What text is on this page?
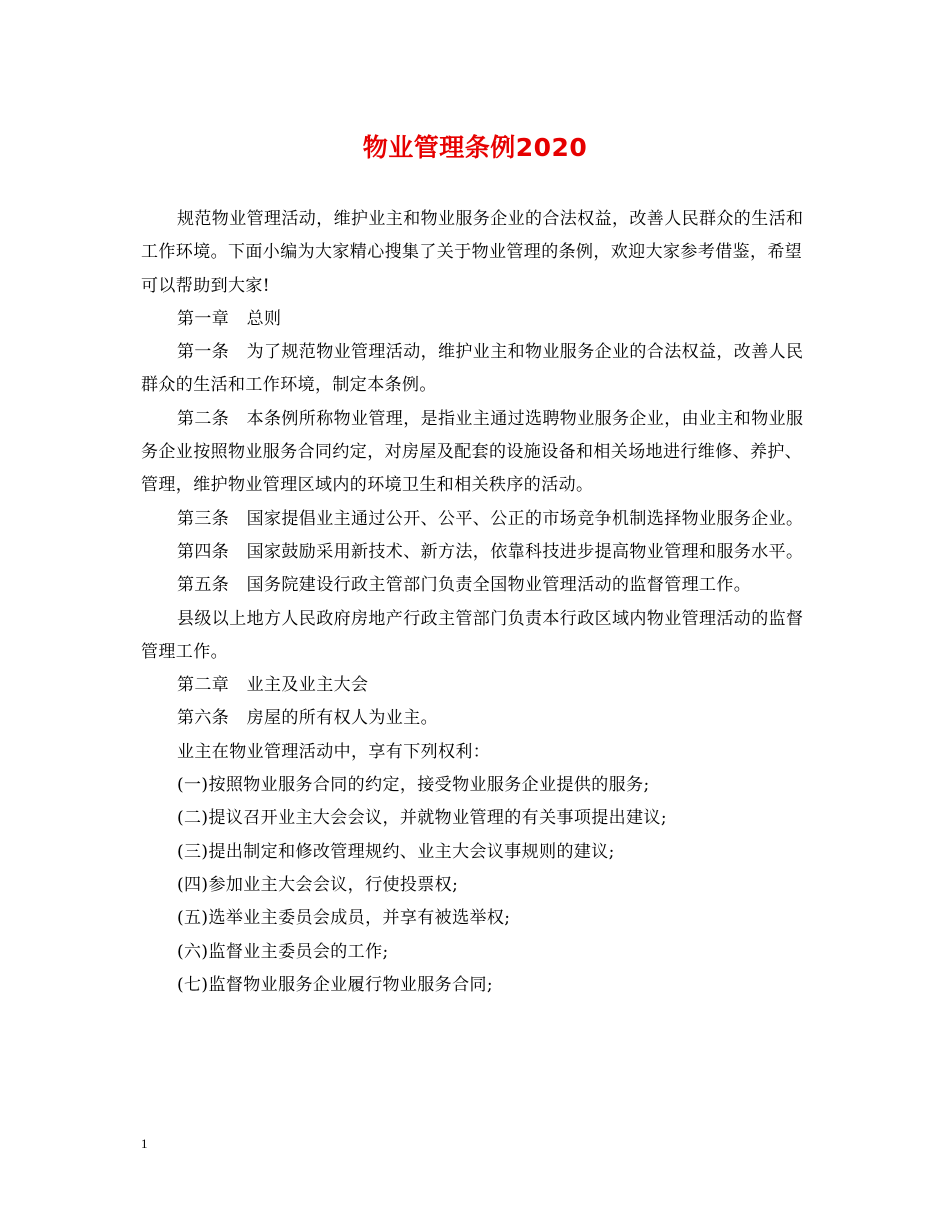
物业管理条例2020

规范物业管理活动，维护业主和物业服务企业的合法权益，改善人民群众的生活和工作环境。下面小编为大家精心搜集了关于物业管理的条例，欢迎大家参考借鉴，希望可以帮助到大家!

第一章　总则

第一条　为了规范物业管理活动，维护业主和物业服务企业的合法权益，改善人民群众的生活和工作环境，制定本条例。

第二条　本条例所称物业管理，是指业主通过选聘物业服务企业，由业主和物业服务企业按照物业服务合同约定，对房屋及配套的设施设备和相关场地进行维修、养护、管理，维护物业管理区域内的环境卫生和相关秩序的活动。

第三条　国家提倡业主通过公开、公平、公正的市场竞争机制选择物业服务企业。

第四条　国家鼓励采用新技术、新方法，依靠科技进步提高物业管理和服务水平。

第五条　国务院建设行政主管部门负责全国物业管理活动的监督管理工作。

县级以上地方人民政府房地产行政主管部门负责本行政区域内物业管理活动的监督管理工作。

第二章　业主及业主大会

第六条　房屋的所有权人为业主。

业主在物业管理活动中，享有下列权利：

(一)按照物业服务合同的约定，接受物业服务企业提供的服务;

(二)提议召开业主大会会议，并就物业管理的有关事项提出建议;

(三)提出制定和修改管理规约、业主大会议事规则的建议;

(四)参加业主大会会议，行使投票权;

(五)选举业主委员会成员，并享有被选举权;

(六)监督业主委员会的工作;

(七)监督物业服务企业履行物业服务合同;

1
